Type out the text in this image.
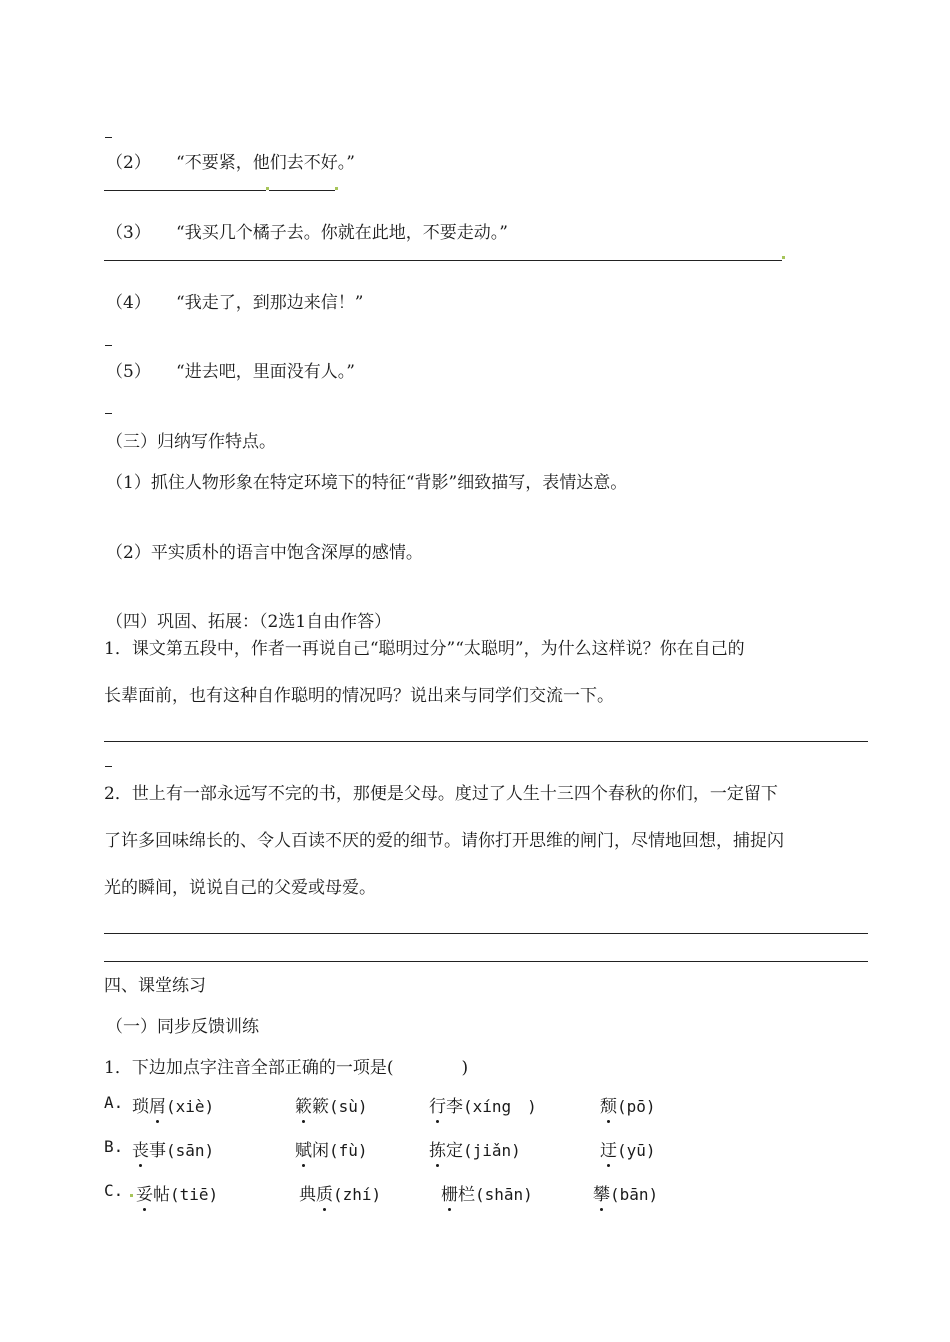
（2） “不要紧，他们去不好。”
（3） “我买几个橘子去。你就在此地，不要走动。”
（4） “我走了，到那边来信！”
（5） “进去吧，里面没有人。”
（三）归纳写作特点。
（1）抓住人物形象在特定环境下的特征“背影”细致描写，表情达意。
（2）平实质朴的语言中饱含深厚的感情。
（四）巩固、拓展：（2选1自由作答）
1．课文第五段中，作者一再说自己“聪明过分”“太聪明”，为什么这样说？你在自己的
长辈面前，也有这种自作聪明的情况吗？说出来与同学们交流一下。
2．世上有一部永远写不完的书，那便是父母。度过了人生十三四个春秋的你们，一定留下
了许多回味绵长的、令人百读不厌的爱的细节。请你打开思维的闸门，尽情地回想，捕捉闪
光的瞬间，说说自己的父爱或母爱。
四、课堂练习
（一）同步反馈训练
1．下边加点字注音全部正确的一项是(　　　　)
A. 琐屑(xiè)	簌簌(sù)	行李(xíng　)	颓(pō)
B. 丧事(sān)	赋闲(fù)	拣定(jiǎn)	迂(yū)
C. 妥帖(tiē)	典质(zhí)	栅栏(shān)	攀(bān)
